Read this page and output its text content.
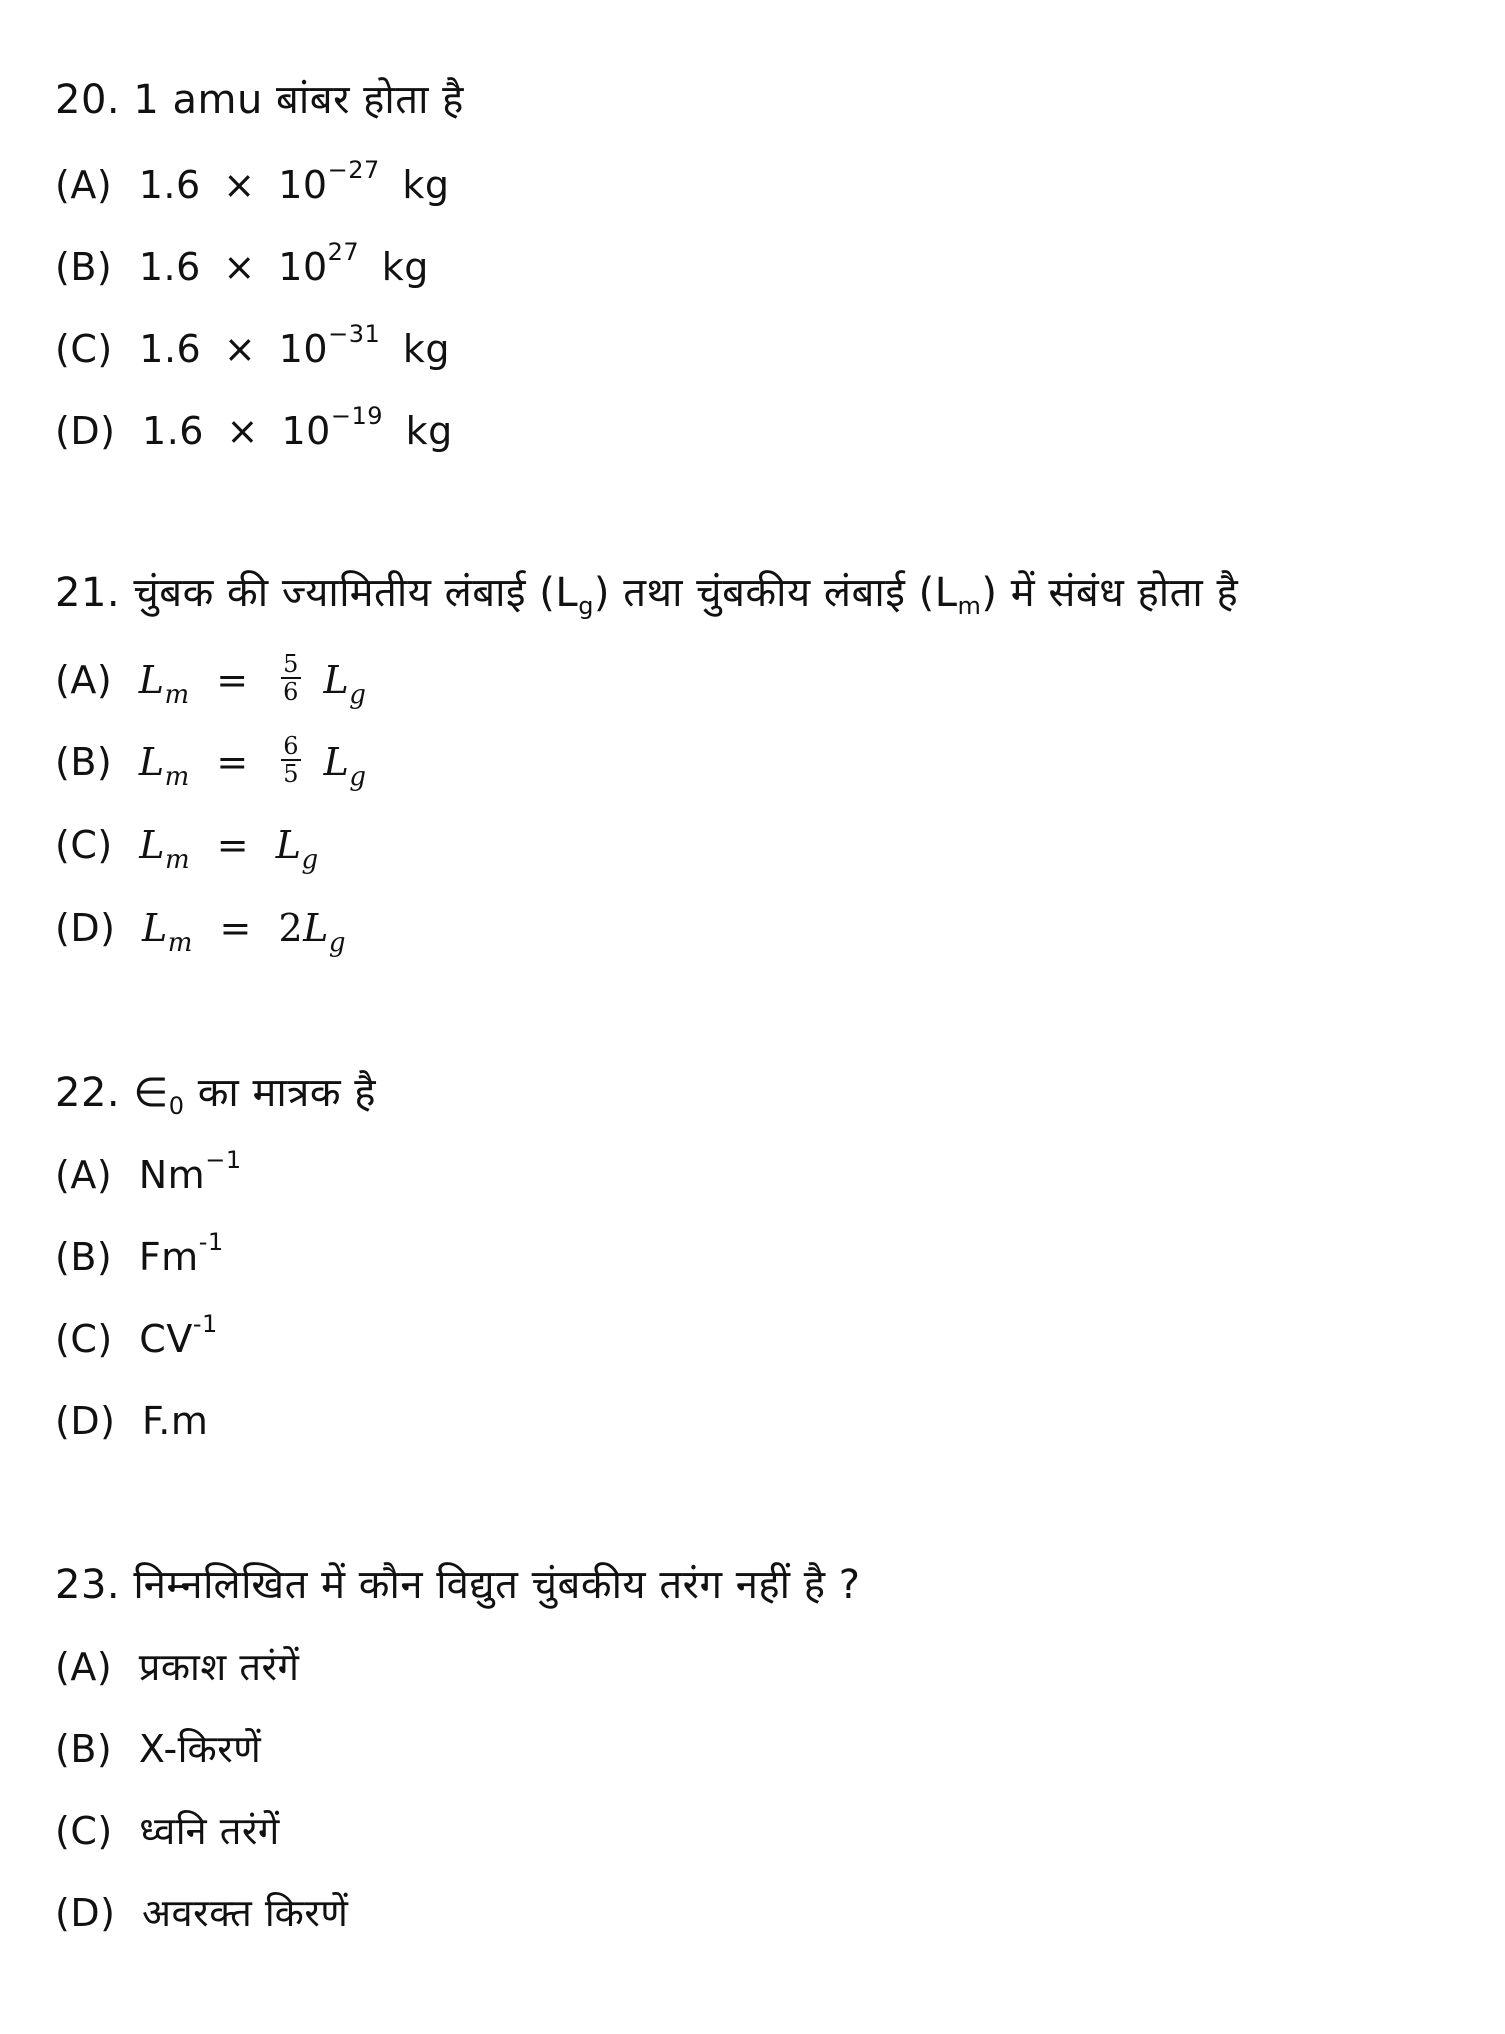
20. 1 amu बांबर होता है
(A) $1.6 \times 10^{-27}$ kg
(B) $1.6 \times 10^{27}$ kg
(C) $1.6 \times 10^{-31}$ kg
(D) $1.6 \times 10^{-19}$ kg
21. चुंबक की ज्यामितीय लंबाई $(L_g)$ तथा चुंबकीय लंबाई $(L_m)$ में संबंध होता है
(A) $L_m = \frac{5}{6} L_g$
(B) $L_m = \frac{6}{5} L_g$
(C) $L_m = L_g$
(D) $L_m = 2L_g$
22. $\in_0$ का मात्रक है
(A) $Nm^{-1}$
(B) $Fm^{-1}$
(C) $CV^{-1}$
(D) F.m
23. निम्नलिखित में कौन विद्युत चुंबकीय तरंग नहीं है ?
(A) प्रकाश तरंगें
(B) X-किरणें
(C) ध्वनि तरंगें
(D) अवरक्त किरणें
